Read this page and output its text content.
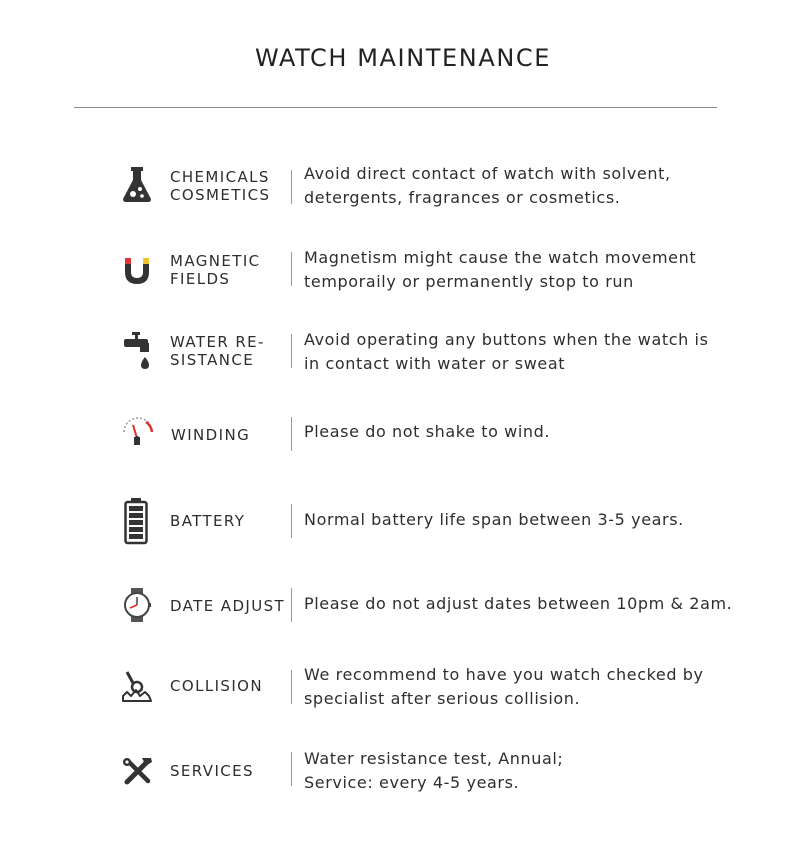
WATCH MAINTENANCE
CHEMICALS
COSMETICS
Avoid direct contact of watch with solvent,
detergents, fragrances or cosmetics.
MAGNETIC
FIELDS
Magnetism might cause the watch movement
temporaily or permanently stop to run
WATER RE-
SISTANCE
Avoid operating any buttons when the watch is
in contact with water or sweat
WINDING	Please do not shake to wind.
BATTERY	Normal battery life span between 3-5 years.
DATE ADJUST Please do not adjust dates between 10pm & 2am.
COLLISION
We recommend to have you watch checked by
specialist after serious collision.
SERVICES
Water resistance test, Annual;
Service: every 4-5 years.
